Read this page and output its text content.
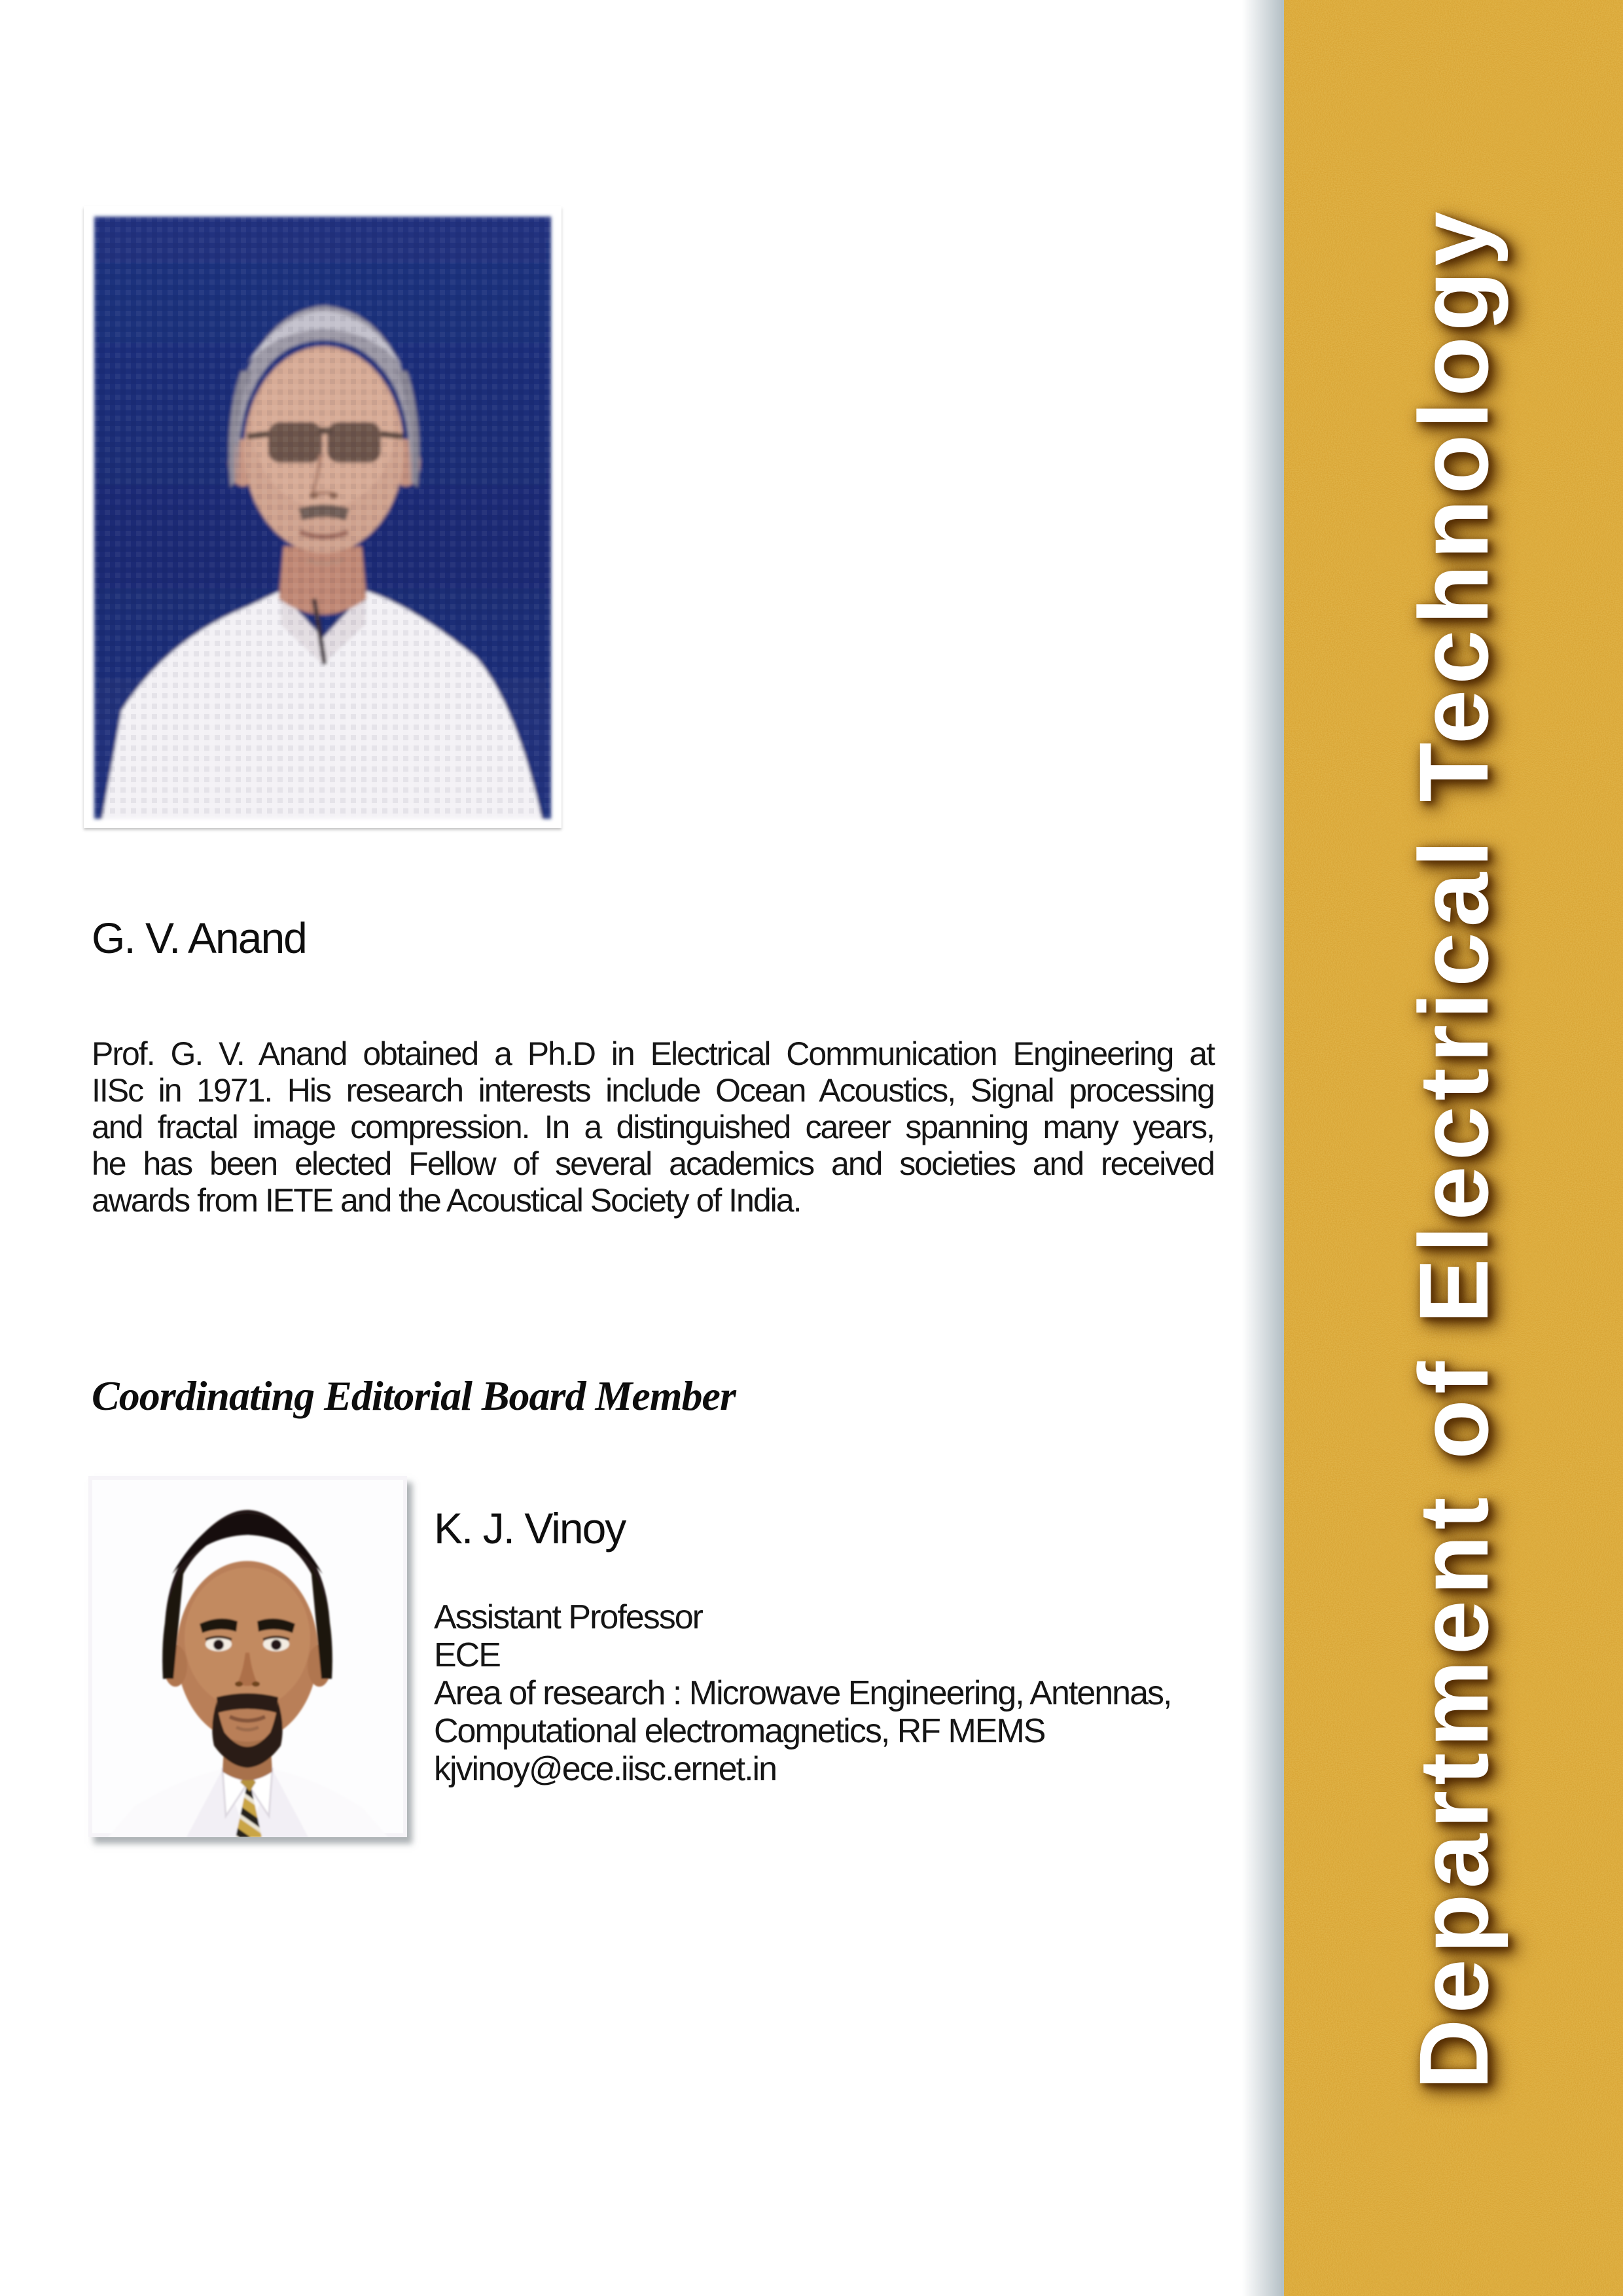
G. V. Anand
Prof. G. V. Anand obtained a Ph.D in Electrical Communication Engineering at
IISc in 1971. His research interests include Ocean Acoustics, Signal processing
and fractal image compression. In a distinguished career spanning many years,
he has been elected Fellow of several academics and societies and received
awards from IETE and the Acoustical Society of India.
Coordinating Editorial Board Member
K. J. Vinoy
Assistant Professor
ECE
Area of research : Microwave Engineering, Antennas,
Computational electromagnetics, RF MEMS
kjvinoy@ece.iisc.ernet.in	Department of Electrical Technology
